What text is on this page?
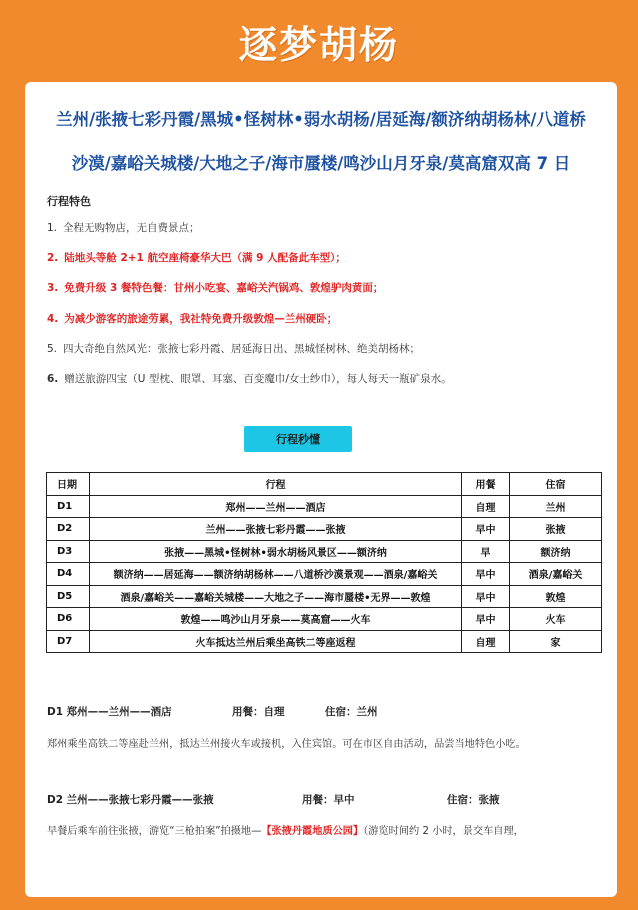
逐梦胡杨
兰州/张掖七彩丹霞/黑城•怪树林•弱水胡杨/居延海/额济纳胡杨林/八道桥
沙漠/嘉峪关城楼/大地之子/海市蜃楼/鸣沙山月牙泉/莫高窟双高 7 日
行程特色
1. 全程无购物店，无自费景点；
2. 陆地头等舱 2+1 航空座椅豪华大巴（满 9 人配备此车型）；
3. 免费升级 3 餐特色餐：甘州小吃宴、嘉峪关汽锅鸡、敦煌驴肉黄面；
4. 为减少游客的旅途劳累，我社特免费升级敦煌—兰州硬卧；
5. 四大奇绝自然风光：张掖七彩丹霞、居延海日出、黑城怪树林、绝美胡杨林；
6. 赠送旅游四宝（U 型枕、眼罩、耳塞、百变魔巾/女士纱巾），每人每天一瓶矿泉水。
行程秒懂
日期	行程	用餐	住宿
D1	郑州——兰州——酒店	自理	兰州
D2	兰州——张掖七彩丹霞——张掖	早中	张掖
D3	张掖——黑城•怪树林•弱水胡杨风景区——额济纳	早	额济纳
D4	额济纳——居延海——额济纳胡杨林——八道桥沙漠景观——酒泉/嘉峪关	早中	酒泉/嘉峪关
D5	酒泉/嘉峪关——嘉峪关城楼——大地之子——海市蜃楼•无界——敦煌	早中	敦煌
D6	敦煌——鸣沙山月牙泉——莫高窟——火车	早中	火车
D7	火车抵达兰州后乘坐高铁二等座返程	自理	家
D1 郑州——兰州——酒店	用餐：自理	住宿：兰州
郑州乘坐高铁二等座赴兰州，抵达兰州接火车或接机，入住宾馆。可在市区自由活动，品尝当地特色小吃。
D2 兰州——张掖七彩丹霞——张掖	用餐：早中	住宿：张掖
早餐后乘车前往张掖，游览“三枪拍案”拍摄地—【张掖丹霞地质公园】（游览时间约 2 小时，景交车自理，
